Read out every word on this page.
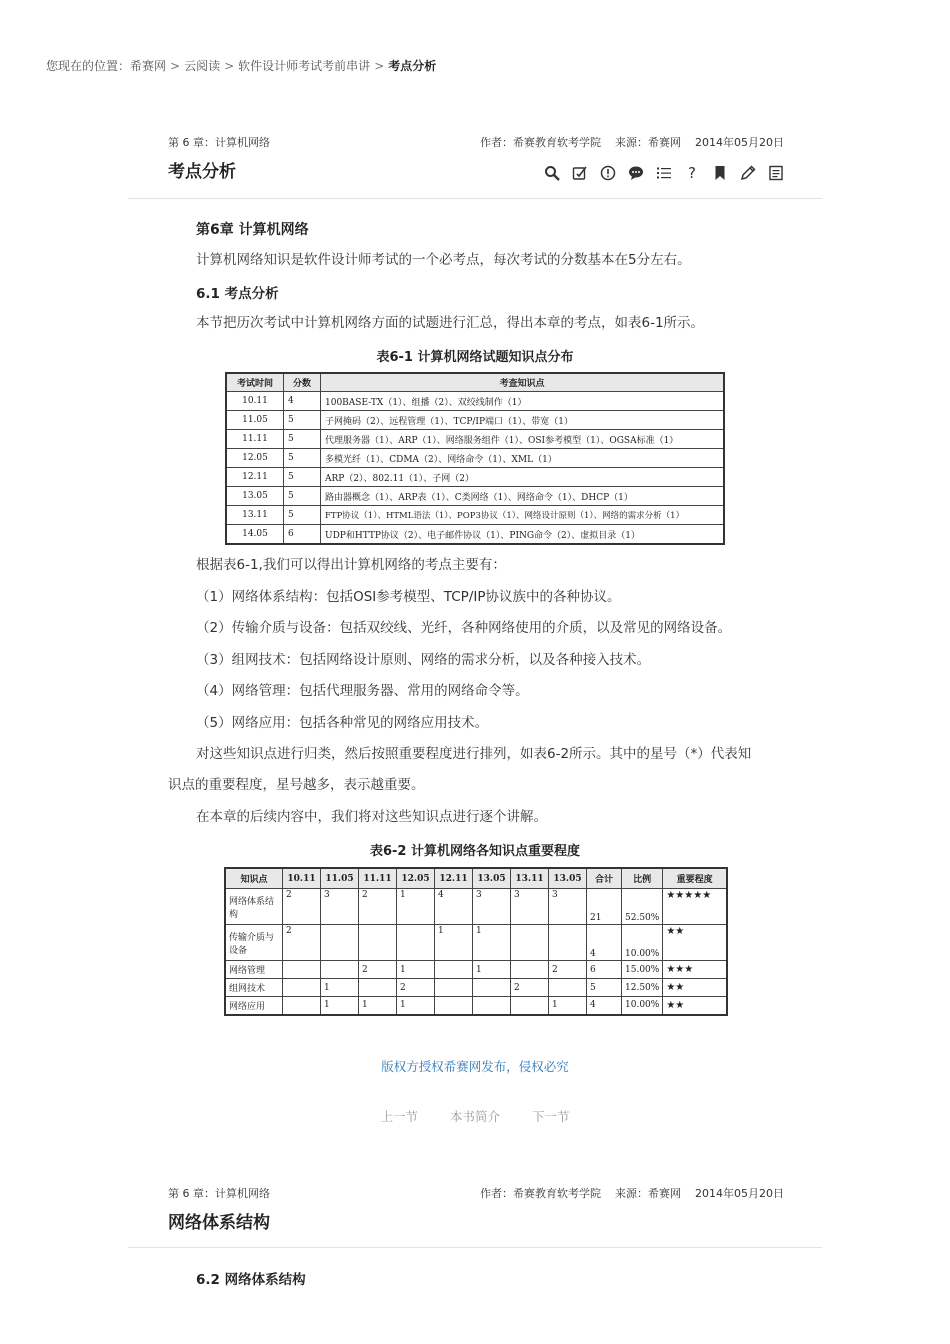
您现在的位置：希赛网 > 云阅读 > 软件设计师考试考前串讲 > 考点分析
第 6 章：计算机网络	作者：希赛教育软考学院 来源：希赛网 2014年05月20日
考点分析	?
第6章 计算机网络
计算机网络知识是软件设计师考试的一个必考点，每次考试的分数基本在5分左右。
6.1 考点分析
本节把历次考试中计算机网络方面的试题进行汇总，得出本章的考点，如表6-1所示。
表6-1 计算机网络试题知识点分布
考试时间	分数	考查知识点
10.11	4	100BASE-TX（1）、组播（2）、双绞线制作（1）
11.05	5	子网掩码（2）、远程管理（1）、TCP/IP端口（1）、带宽（1）
11.11	5	代理服务器（1）、ARP（1）、网络服务组件（1）、OSI参考模型（1）、OGSA标准（1）
12.05	5	多模光纤（1）、CDMA（2）、网络命令（1）、XML（1）
12.11	5	ARP（2）、802.11（1）、子网（2）
13.05	5	路由器概念（1）、ARP表（1）、C类网络（1）、网络命令（1）、DHCP（1）
13.11	5	FTP协议（1）、HTML语法（1）、POP3协议（1）、网络设计原则（1）、网络的需求分析（1）
14.05	6	UDP和HTTP协议（2）、电子邮件协议（1）、PING命令（2）、虚拟目录（1）
根据表6-1,我们可以得出计算机网络的考点主要有：
（1）网络体系结构：包括OSI参考模型、TCP/IP协议族中的各种协议。
（2）传输介质与设备：包括双绞线、光纤，各种网络使用的介质，以及常见的网络设备。
（3）组网技术：包括网络设计原则、网络的需求分析，以及各种接入技术。
（4）网络管理：包括代理服务器、常用的网络命令等。
（5）网络应用：包括各种常见的网络应用技术。
对这些知识点进行归类，然后按照重要程度进行排列，如表6-2所示。其中的星号（*）代表知
识点的重要程度，星号越多，表示越重要。
在本章的后续内容中，我们将对这些知识点进行逐个讲解。
表6-2 计算机网络各知识点重要程度
知识点	10.11	11.05	11.11	12.05	12.11	13.05	13.11	13.05	合计	比例	重要程度
网络体系结构	2	3	2	1	4	3	3	3	21	52.50%	★★★★★
传输介质与设备	2				1	1			4	10.00%	★★
网络管理			2	1		1		2	6	15.00%	★★★
组网技术		1		2			2		5	12.50%	★★
网络应用		1	1	1				1	4	10.00%	★★
版权方授权希赛网发布，侵权必究
上一节	本书简介	下一节
第 6 章：计算机网络	作者：希赛教育软考学院 来源：希赛网 2014年05月20日
网络体系结构
6.2 网络体系结构
